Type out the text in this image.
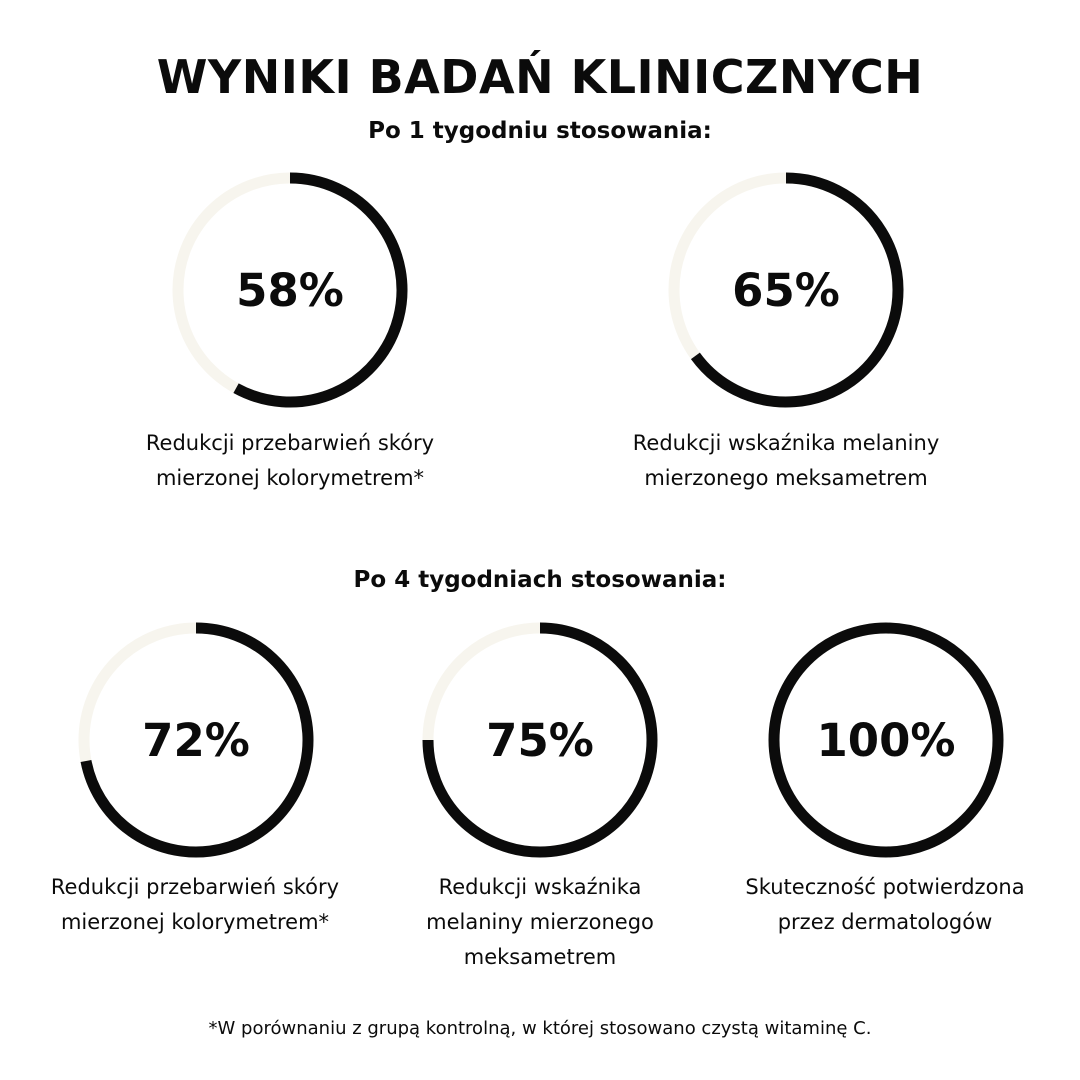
WYNIKI BADAŃ KLINICZNYCH
Po 1 tygodniu stosowania:
Po 4 tygodniach stosowania:
58%
Redukcji przebarwień skóry
mierzonej kolorymetrem*
65%
Redukcji wskaźnika melaniny
mierzonego meksametrem
72%
Redukcji przebarwień skóry
mierzonej kolorymetrem*
75%
Redukcji wskaźnika
melaniny mierzonego
meksametrem
100%
Skuteczność potwierdzona
przez dermatologów
*W porównaniu z grupą kontrolną, w której stosowano czystą witaminę C.
